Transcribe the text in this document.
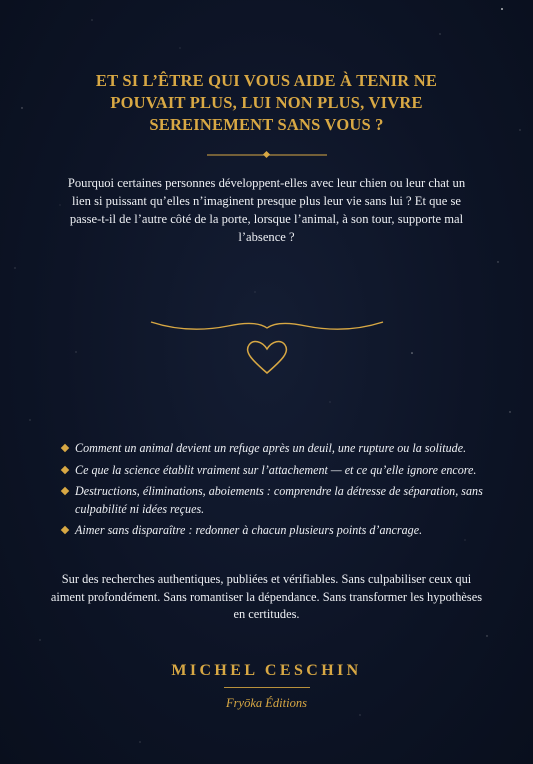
ET SI L’ÊTRE QUI VOUS AIDE À TENIR NE POUVAIT PLUS, LUI NON PLUS, VIVRE SEREINEMENT SANS VOUS ?
Pourquoi certaines personnes développent-elles avec leur chien ou leur chat un lien si puissant qu’elles n’imaginent presque plus leur vie sans lui ? Et que se passe-t-il de l’autre côté de la porte, lorsque l’animal, à son tour, supporte mal l’absence ?
Comment un animal devient un refuge après un deuil, une rupture ou la solitude.
Ce que la science établit vraiment sur l’attachement — et ce qu’elle ignore encore.
Destructions, éliminations, aboiements : comprendre la détresse de séparation, sans culpabilité ni idées reçues.
Aimer sans disparaître : redonner à chacun plusieurs points d’ancrage.
Sur des recherches authentiques, publiées et vérifiables. Sans culpabiliser ceux qui aiment profondément. Sans romantiser la dépendance. Sans transformer les hypothèses en certitudes.
MICHEL CESCHIN
Fryōka Éditions
